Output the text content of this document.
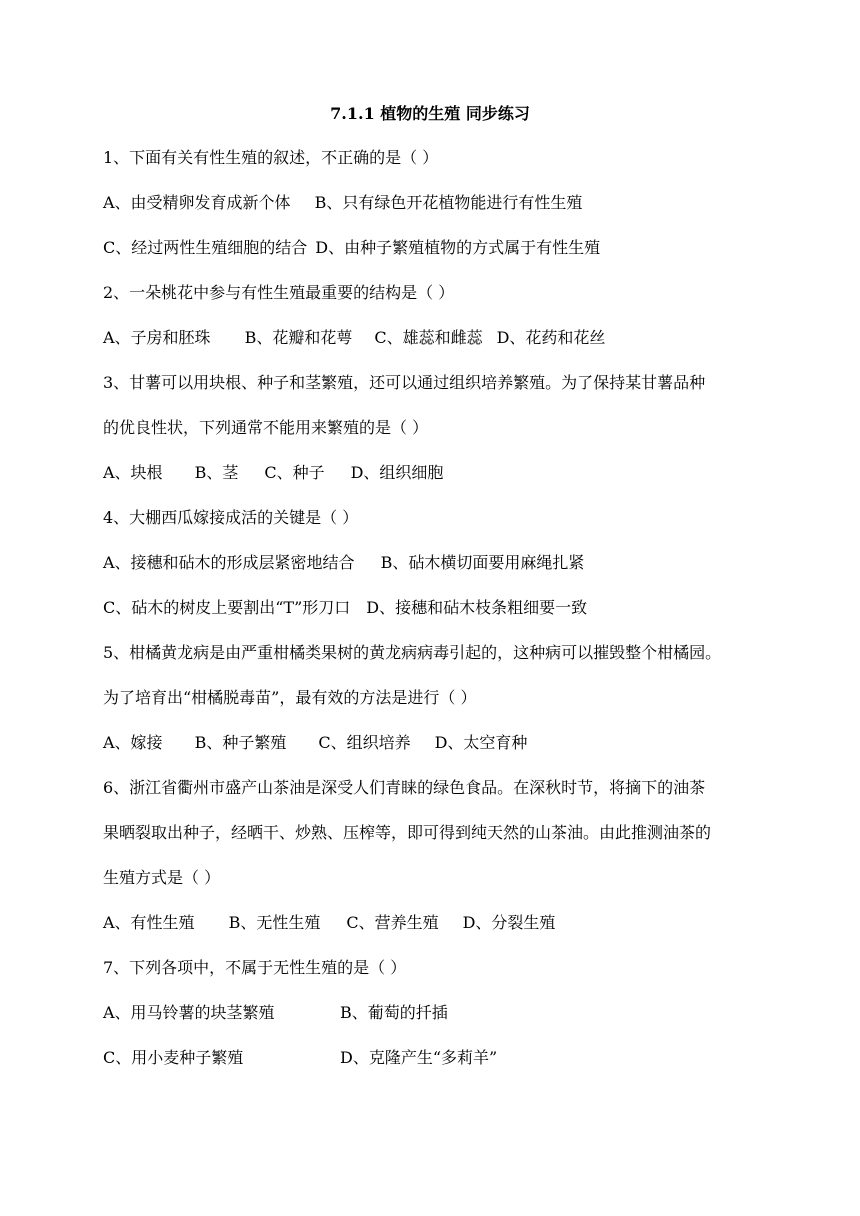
7.1.1 植物的生殖 同步练习
1、下面有关有性生殖的叙述，不正确的是（ ）
A、由受精卵发育成新个体 B、只有绿色开花植物能进行有性生殖
C、经过两性生殖细胞的结合 D、由种子繁殖植物的方式属于有性生殖
2、一朵桃花中参与有性生殖最重要的结构是（ ）
A、子房和胚珠 B、花瓣和花萼 C、雄蕊和雌蕊 D、花药和花丝
3、甘薯可以用块根、种子和茎繁殖，还可以通过组织培养繁殖。为了保持某甘薯品种
的优良性状，下列通常不能用来繁殖的是（ ）
A、块根 B、茎 C、种子 D、组织细胞
4、大棚西瓜嫁接成活的关键是（ ）
A、接穗和砧木的形成层紧密地结合 B、砧木横切面要用麻绳扎紧
C、砧木的树皮上要割出“T”形刀口 D、接穗和砧木枝条粗细要一致
5、柑橘黄龙病是由严重柑橘类果树的黄龙病病毒引起的，这种病可以摧毁整个柑橘园。
为了培育出“柑橘脱毒苗”，最有效的方法是进行（ ）
A、嫁接 B、种子繁殖 C、组织培养 D、太空育种
6、浙江省衢州市盛产山茶油是深受人们青睐的绿色食品。在深秋时节，将摘下的油茶
果晒裂取出种子，经晒干、炒熟、压榨等，即可得到纯天然的山茶油。由此推测油茶的
生殖方式是（ ）
A、有性生殖 B、无性生殖 C、营养生殖 D、分裂生殖
7、下列各项中，不属于无性生殖的是（ ）
A、用马铃薯的块茎繁殖	B、葡萄的扦插
C、用小麦种子繁殖	D、克隆产生“多莉羊”
